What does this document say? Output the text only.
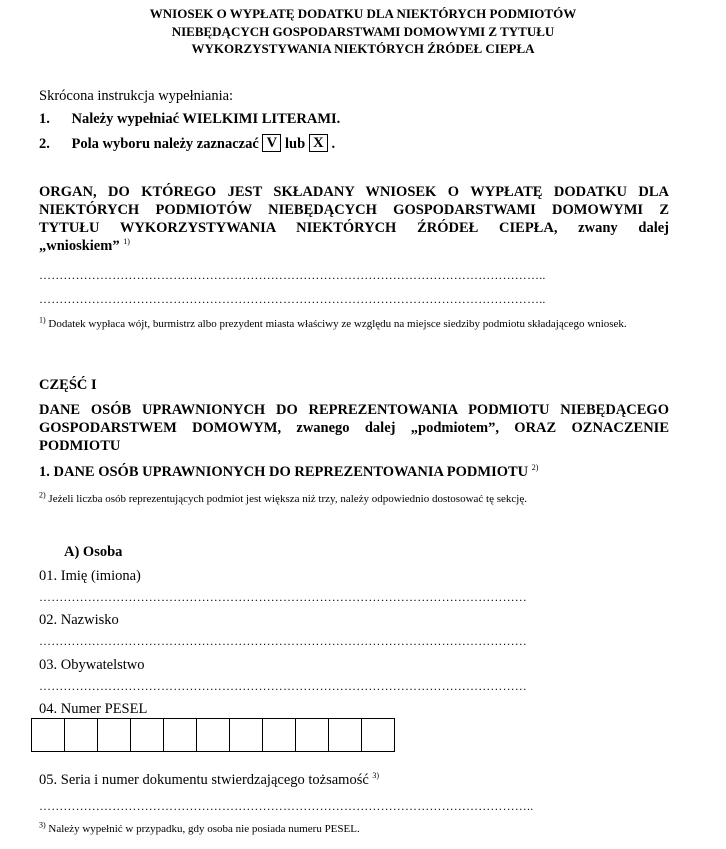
WNIOSEK O WYPŁATĘ DODATKU DLA NIEKTÓRYCH PODMIOTÓW
NIEBĘDĄCYCH GOSPODARSTWAMI DOMOWYMI Z TYTUŁU
WYKORZYSTYWANIA NIEKTÓRYCH ŹRÓDEŁ CIEPŁA
Skrócona instrukcja wypełniania:
1. Należy wypełniać WIELKIMI LITERAMI.
2. Pola wyboru należy zaznaczać V lub X .
ORGAN, DO KTÓREGO JEST SKŁADANY WNIOSEK O WYPŁATĘ DODATKU DLA
NIEKTÓRYCH PODMIOTÓW NIEBĘDĄCYCH GOSPODARSTWAMI DOMOWYMI Z
TYTUŁU WYKORZYSTYWANIA NIEKTÓRYCH ŹRÓDEŁ CIEPŁA, zwany dalej
„wnioskiem” $^{1)}$
……………………………………………………………………………………………………………..
……………………………………………………………………………………………………………..
$^{1)}$ Dodatek wypłaca wójt, burmistrz albo prezydent miasta właściwy ze względu na miejsce siedziby podmiotu składającego wniosek.
CZĘŚĆ I
DANE OSÓB UPRAWNIONYCH DO REPREZENTOWANIA PODMIOTU NIEBĘDĄCEGO
GOSPODARSTWEM DOMOWYM, zwanego dalej „podmiotem”, ORAZ OZNACZENIE
PODMIOTU
1. DANE OSÓB UPRAWNIONYCH DO REPREZENTOWANIA PODMIOTU $^{2)}$
$^{2)}$ Jeżeli liczba osób reprezentujących podmiot jest większa niż trzy, należy odpowiednio dostosować tę sekcję.
A) Osoba
01. Imię (imiona)
…………………………………………………………………………………………………………
02. Nazwisko
…………………………………………………………………………………………………………
03. Obywatelstwo
…………………………………………………………………………………………………………
04. Numer PESEL
05. Seria i numer dokumentu stwierdzającego tożsamość $^{3)}$
…………………………………………………………………………………………………………..
$^{3)}$ Należy wypełnić w przypadku, gdy osoba nie posiada numeru PESEL.
